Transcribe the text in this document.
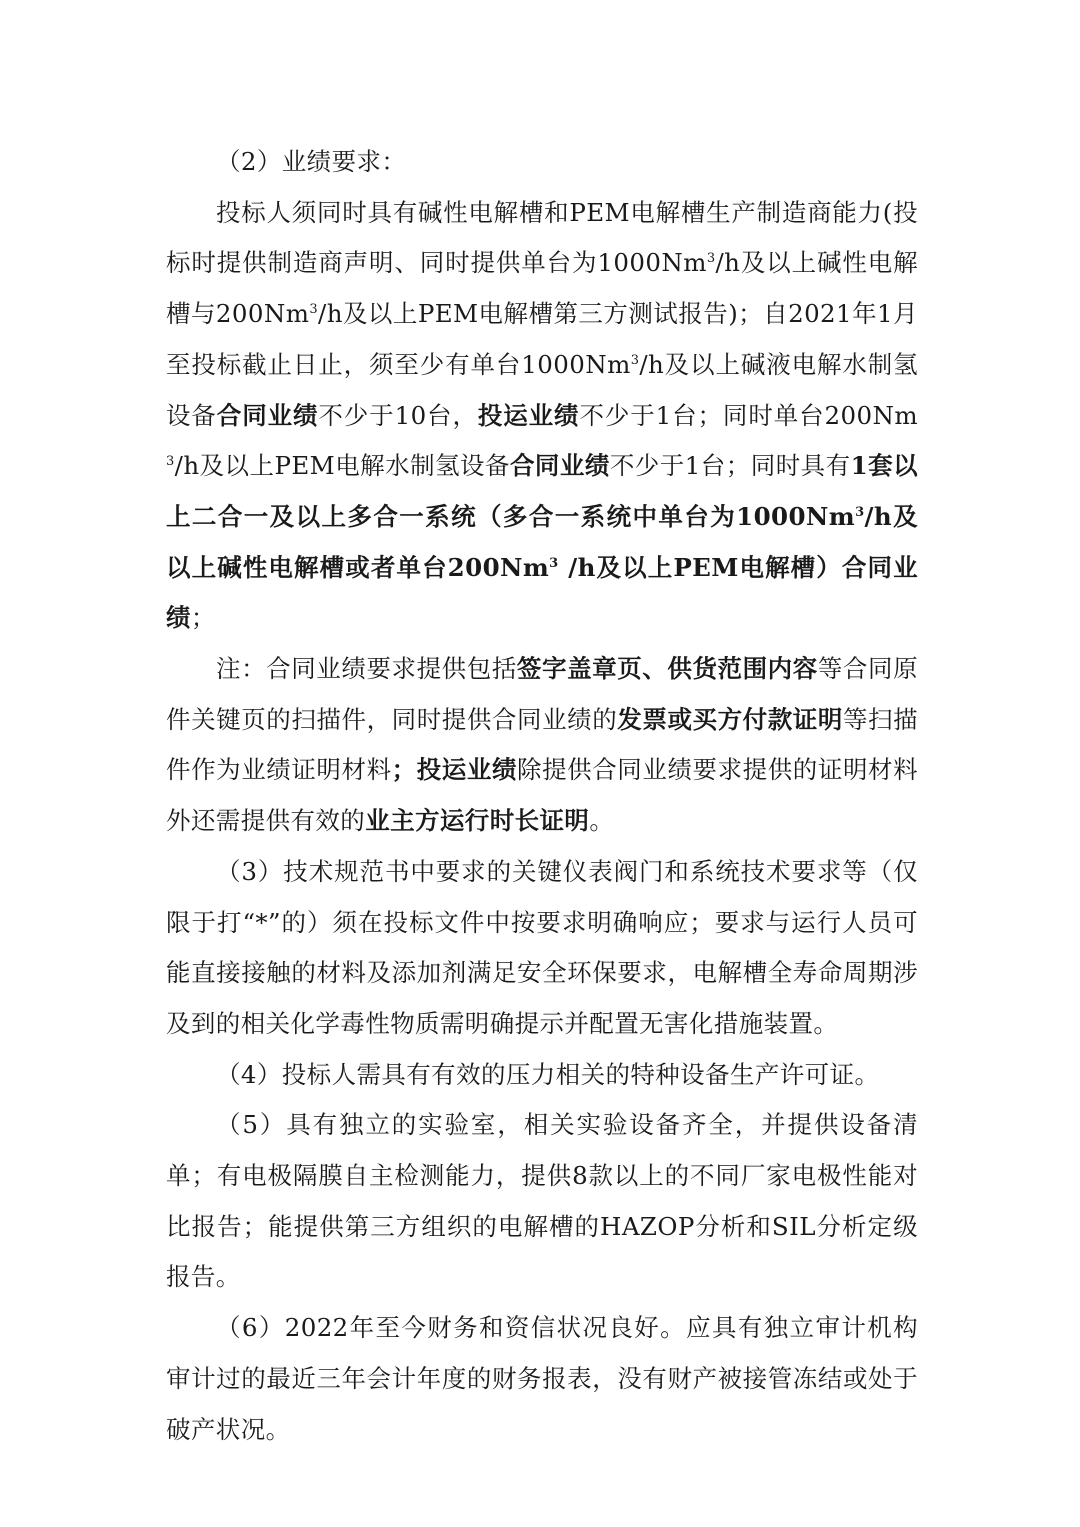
（2）业绩要求：

投标人须同时具有碱性电解槽和PEM电解槽生产制造商能力(投标时提供制造商声明、同时提供单台为1000Nm$^3$/h及以上碱性电解槽与200Nm$^3$/h及以上PEM电解槽第三方测试报告)；自2021年1月至投标截止日止，须至少有单台1000Nm$^3$/h及以上碱液电解水制氢设备合同业绩不少于10台，投运业绩不少于1台；同时单台200Nm$^3$/h及以上PEM电解水制氢设备合同业绩不少于1台；同时具有1套以上二合一及以上多合一系统（多合一系统中单台为1000Nm$^3$/h及以上碱性电解槽或者单台200Nm$^3$ /h及以上PEM电解槽）合同业绩；

注：合同业绩要求提供包括签字盖章页、供货范围内容等合同原件关键页的扫描件，同时提供合同业绩的发票或买方付款证明等扫描件作为业绩证明材料；投运业绩除提供合同业绩要求提供的证明材料外还需提供有效的业主方运行时长证明。

（3）技术规范书中要求的关键仪表阀门和系统技术要求等（仅限于打“*”的）须在投标文件中按要求明确响应；要求与运行人员可能直接接触的材料及添加剂满足安全环保要求，电解槽全寿命周期涉及到的相关化学毒性物质需明确提示并配置无害化措施装置。

（4）投标人需具有有效的压力相关的特种设备生产许可证。

（5）具有独立的实验室，相关实验设备齐全，并提供设备清单；有电极隔膜自主检测能力，提供8款以上的不同厂家电极性能对比报告；能提供第三方组织的电解槽的HAZOP分析和SIL分析定级报告。

（6）2022年至今财务和资信状况良好。应具有独立审计机构审计过的最近三年会计年度的财务报表，没有财产被接管冻结或处于破产状况。
